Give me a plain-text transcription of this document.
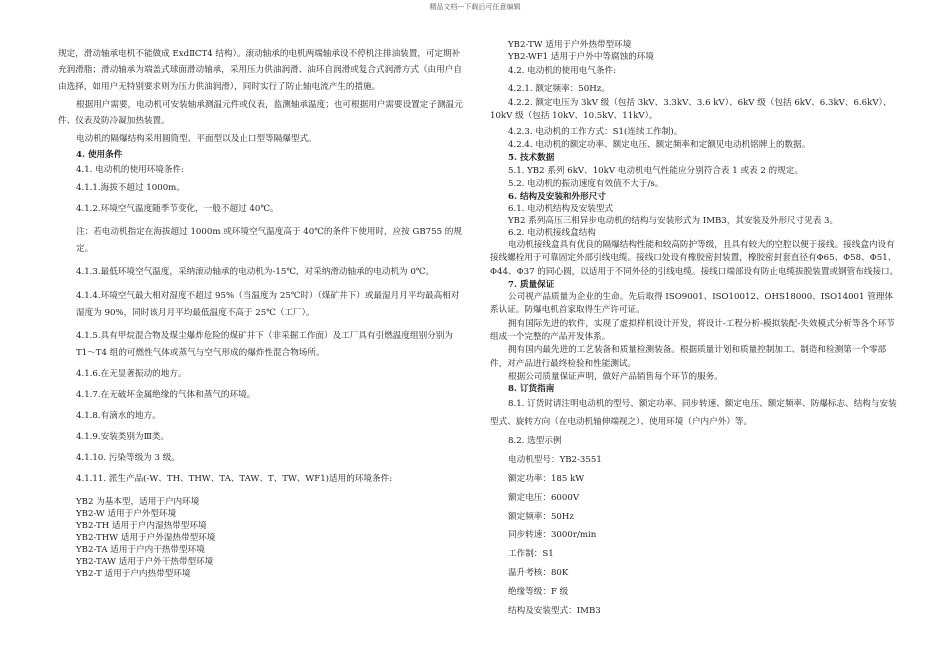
精品文档---下载后可任意编辑

规定，滑动轴承电机不能做成 ExdⅡCT4 结构）。滚动轴承的电机两端轴承设不停机注排油装置，可定期补充润滑脂；滑动轴承为端盖式球面滑动轴承，采用压力供油润滑、油环自润滑或复合式润滑方式（由用户自由选择，如用户无特别要求则为压力供油润滑），同时实行了防止轴电流产生的措施。

根据用户需要，电动机可安装轴承测温元件或仪表，监测轴承温度；也可根据用户需要设置定子测温元件、仪表及防冷凝加热装置。

电动机的隔爆结构采用圆筒型、平面型以及止口型等隔爆型式。

4. 使用条件

4.1. 电动机的使用环境条件:

4.1.1.海拔不超过 1000m。

4.1.2.环境空气温度随季节变化，一般不超过 40℃。

注：若电动机指定在海拔超过 1000m 或环境空气温度高于 40℃的条件下使用时，应按 GB755 的规定。

4.1.3.最低环境空气温度，采纳滚动轴承的电动机为-15℃，对采纳滑动轴承的电动机为 0℃。

4.1.4.环境空气最大相对湿度不超过 95%（当温度为 25℃时）（煤矿井下）或最湿月月平均最高相对湿度为 90%，同时该月月平均最低温度不高于 25℃（工厂）。

4.1.5.具有甲烷混合物及煤尘爆炸危险的煤矿井下（非采掘工作面）及工厂具有引燃温度组别分别为 T1～T4 组的可燃性气体或蒸气与空气形成的爆炸性混合物场所。

4.1.6.在无显著振动的地方。

4.1.7.在无破坏金属绝缘的气体和蒸气的环境。

4.1.8.有滴水的地方。

4.1.9.安装类别为Ⅲ类。

4.1.10. 污染等级为 3 级。

4.1.11. 派生产品(-W、TH、THW、TA、TAW、T、TW、WF1)适用的环境条件:

YB2 为基本型，适用于户内环境

YB2-W 适用于户外型环境

YB2-TH 适用于户内湿热带型环境

YB2-THW 适用于户外湿热带型环境

YB2-TA 适用于户内干热带型环境

YB2-TAW 适用于户外干热带型环境

YB2-T 适用于户内热带型环境

YB2-TW 适用于户外热带型环境

YB2-WF1 适用于户外中等腐蚀的环境

4.2. 电动机的使用电气条件:

4.2.1. 额定频率：50Hz。

4.2.2. 额定电压为 3kV 级（包括 3kV、3.3kV、3.6 kV）、6kV 级（包括 6kV、6.3kV、6.6kV）、10kV 级（包括 10kV、10.5kV、11kV）。

4.2.3. 电动机的工作方式：S1(连续工作制)。

4.2.4. 电动机的额定功率、额定电压、额定频率和定额见电动机铭牌上的数据。

5. 技术数据

5.1. YB2 系列 6kV、10kV 电动机电气性能应分别符合表 1 或表 2 的规定。

5.2. 电动机的振动速度有效值不大于/s。

6. 结构及安装和外形尺寸

6.1. 电动机结构及安装型式

YB2 系列高压三相异步电动机的结构与安装形式为 IMB3，其安装及外形尺寸见表 3。

6.2. 电动机接线盒结构

电动机接线盒具有优良的隔爆结构性能和较高防护等级，且具有较大的空腔以便于接线。接线盒内设有接线螺栓用于可靠固定外部引线电缆。接线口处设有橡胶密封装置，橡胶密封套直径有Φ65、Φ58、Φ51、Φ44、Φ37 的同心圆，以适用于不同外径的引线电缆。接线口端部设有防止电缆拔脱装置或钢管布线接口。

7. 质量保证

公司视产品质量为企业的生命。先后取得 ISO9001、ISO10012、OHS18000、ISO14001 管理体系认证。防爆电机首家取得生产许可证。

拥有国际先进的软件，实现了虚拟样机设计开发，将设计-工程分析-模拟装配-失效模式分析等各个环节组成一个完整的产品开发体系。

拥有国内最先进的工艺装备和质量检测装备。根据质量计划和质量控制加工、制造和检测第一个零部件，对产品进行最终检验和性能测试。

根据公司质量保证声明，做好产品销售每个环节的服务。

8. 订货指南

8.1. 订货时请注明电动机的型号、额定功率、同步转速、额定电压、额定频率、防爆标志、结构与安装型式、旋转方向（在电动机轴伸端视之）、使用环境（户内户外）等。

8.2. 选型示例

电动机型号：YB2-3551

额定功率：185 kW

额定电压：6000V

额定频率：50Hz

同步转速：3000r/min

工作制：S1

温升考核：80K

绝缘等级：F 级

结构及安装型式：IMB3
